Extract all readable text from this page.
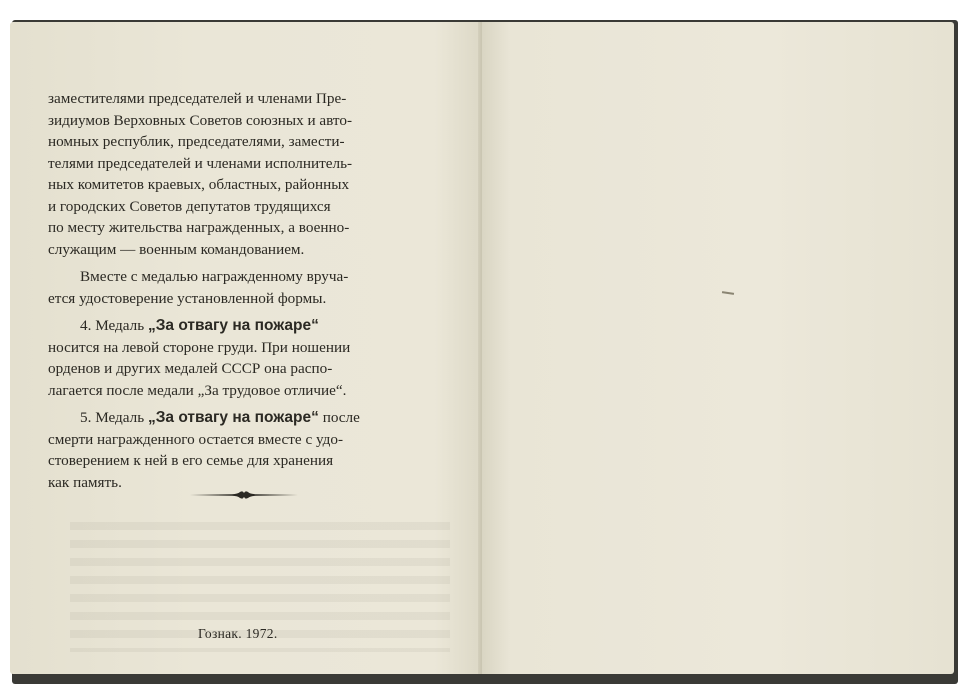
заместителями председателей и членами Пре-
зидиумов Верховных Советов союзных и авто-
номных республик, председателями, замести-
телями председателей и членами исполнитель-
ных комитетов краевых, областных, районных
и городских Советов депутатов трудящихся
по месту жительства награжденных, а военно-
служащим — военным командованием.

Вместе с медалью награжденному вруча-
ется удостоверение установленной формы.

4. Медаль „За отвагу на пожаре“
носится на левой стороне груди. При ношении
орденов и других медалей СССР она распо-
лагается после медали „За трудовое отличие“.

5. Медаль „За отвагу на пожаре“ после
смерти награжденного остается вместе с удо-
стоверением к ней в его семье для хранения
как память.

Гознак. 1972.
